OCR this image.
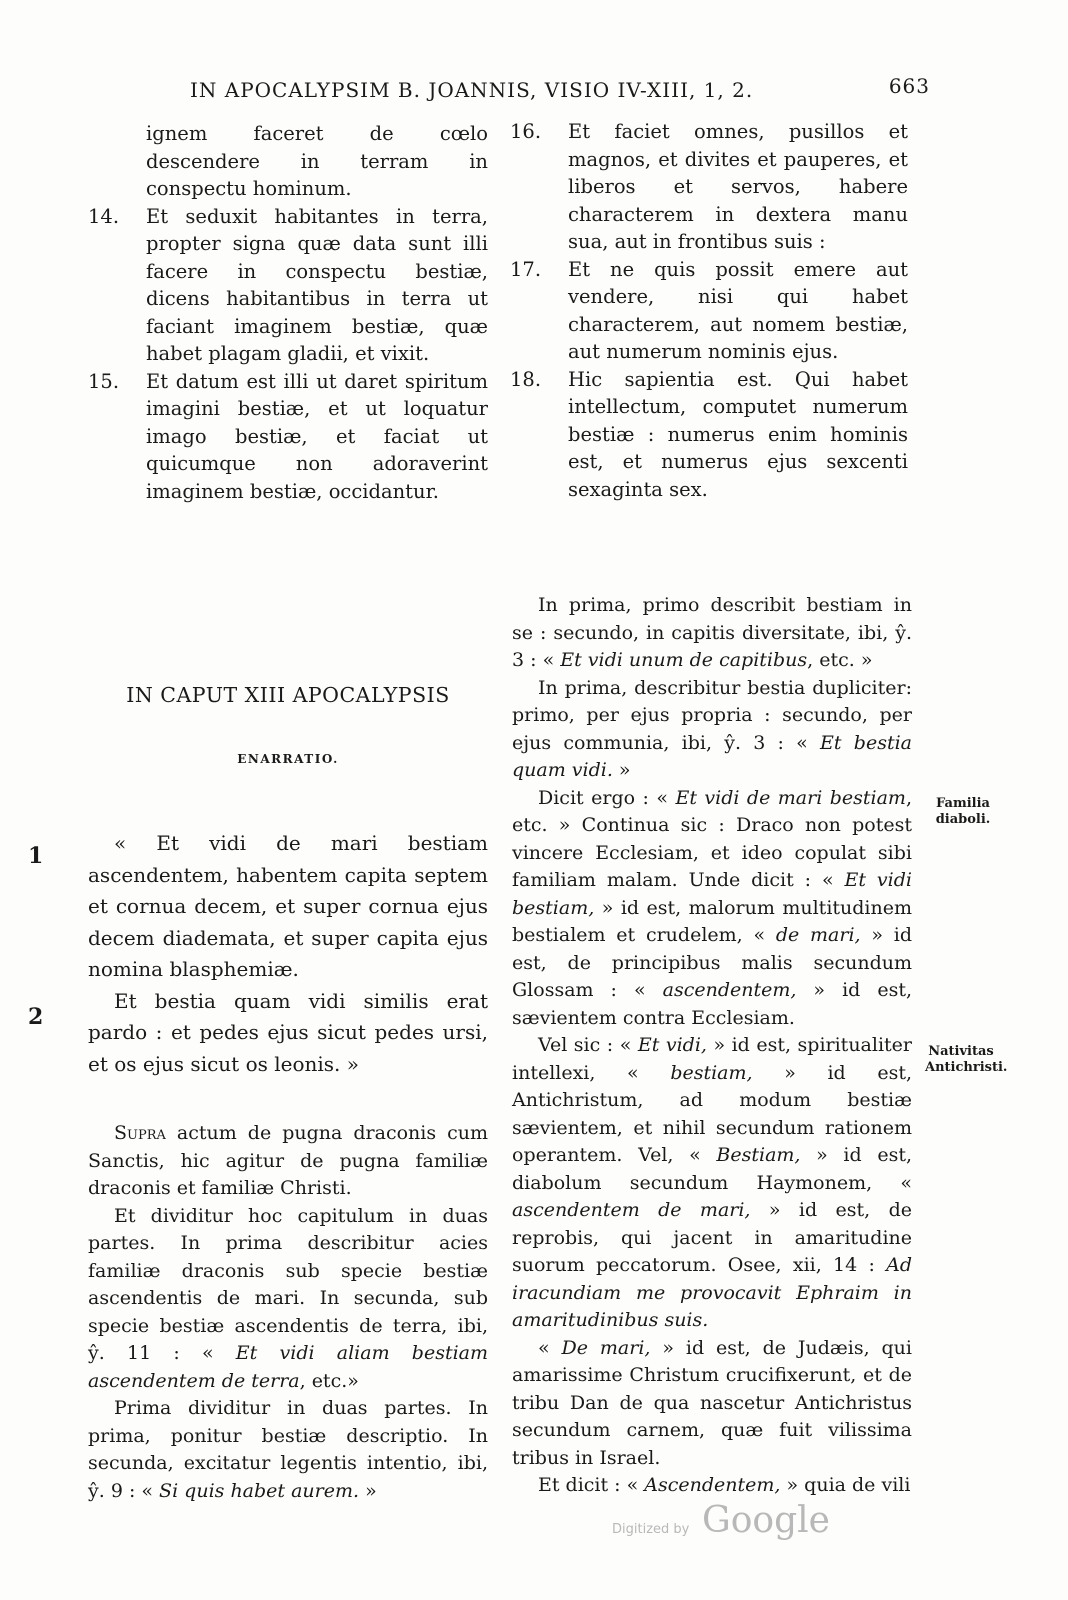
IN APOCALYPSIM B. JOANNIS, VISIO IV-XIII, 1, 2.	663
ignem faceret de cœlo descendere in terram in conspectu hominum.
14. Et seduxit habitantes in terra, propter signa quæ data sunt illi facere in conspectu bestiæ, dicens habitantibus in terra ut faciant imaginem bestiæ, quæ habet plagam gladii, et vixit.
15. Et datum est illi ut daret spiritum imagini bestiæ, et ut loquatur imago bestiæ, et faciat ut quicumque non adoraverint imaginem bestiæ, occidantur.
16. Et faciet omnes, pusillos et magnos, et divites et pauperes, et liberos et servos, habere characterem in dextera manu sua, aut in frontibus suis :
17. Et ne quis possit emere aut vendere, nisi qui habet characterem, aut nomem bestiæ, aut numerum nominis ejus.
18. Hic sapientia est. Qui habet intellectum, computet numerum bestiæ : numerus enim hominis est, et numerus ejus sexcenti sexaginta sex.
IN CAPUT XIII APOCALYPSIS
ENARRATIO.
1
2

« Et vidi de mari bestiam ascendentem, habentem capita septem et cornua decem, et super cornua ejus decem diademata, et super capita ejus nomina blasphemiæ.

Et bestia quam vidi similis erat pardo : et pedes ejus sicut pedes ursi, et os ejus sicut os leonis. »

Supra actum de pugna draconis cum Sanctis, hic agitur de pugna familiæ draconis et familiæ Christi.

Et dividitur hoc capitulum in duas partes. In prima describitur acies familiæ draconis sub specie bestiæ ascendentis de mari. In secunda, sub specie bestiæ ascendentis de terra, ibi, ŷ. 11 : « Et vidi aliam bestiam ascendentem de terra, etc.»

Prima dividitur in duas partes. In prima, ponitur bestiæ descriptio. In secunda, excitatur legentis intentio, ibi, ŷ. 9 : « Si quis habet aurem. »

In prima, primo describit bestiam in se : secundo, in capitis diversitate, ibi, ŷ. 3 : « Et vidi unum de capitibus, etc. »

In prima, describitur bestia dupliciter: primo, per ejus propria : secundo, per ejus communia, ibi, ŷ. 3 : « Et bestia quam vidi. »

Dicit ergo : « Et vidi de mari bestiam, etc. » Continua sic : Draco non potest vincere Ecclesiam, et ideo copulat sibi familiam malam. Unde dicit : « Et vidi bestiam, » id est, malorum multitudinem bestialem et crudelem, « de mari, » id est, de principibus malis secundum Glossam : « ascendentem, » id est, sævientem contra Ecclesiam.

Vel sic : « Et vidi, » id est, spiritualiter intellexi, « bestiam, » id est, Antichristum, ad modum bestiæ sævientem, et nihil secundum rationem operantem. Vel, « Bestiam, » id est, diabolum secundum Haymonem, « ascendentem de mari, » id est, de reprobis, qui jacent in amaritudine suorum peccatorum. Osee, xii, 14 : Ad iracundiam me provocavit Ephraim in amaritudinibus suis.

« De mari, » id est, de Judæis, qui amarissime Christum crucifixerunt, et de tribu Dan de qua nascetur Antichristus secundum carnem, quæ fuit vilissima tribus in Israel.

Et dicit : « Ascendentem, » quia de vili

Familia diaboli.
Nativitas Antichristi.
Digitized by Google
